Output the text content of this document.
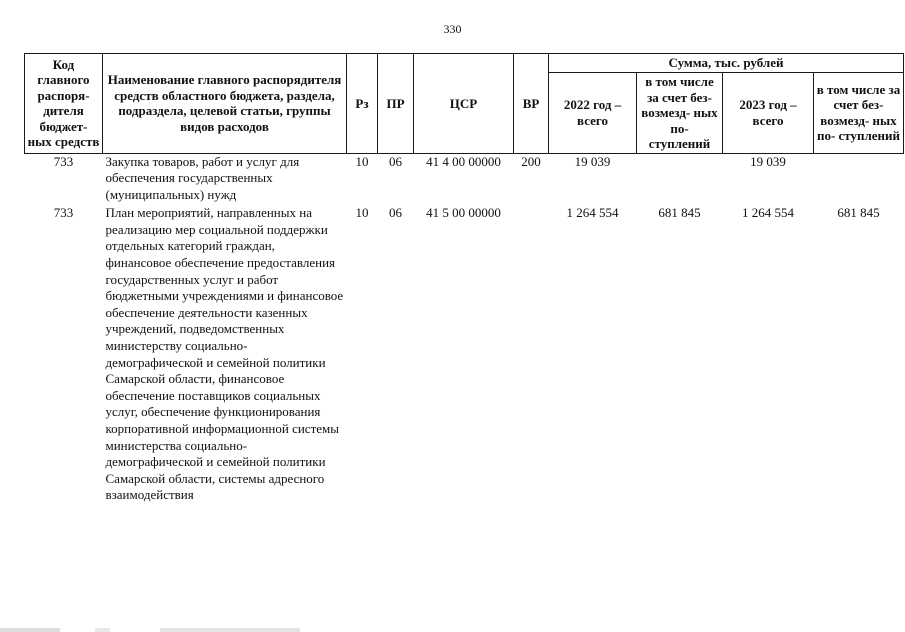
330
Код главного распоря- дителя бюджет- ных средств	Наименование главного распорядителя средств областного бюджета, раздела, подраздела, целевой статьи, группы видов расходов	Рз	ПР	ЦСР	ВР	Сумма, тыс. рублей			
						2022 год – всего	в том числе за счет без- возмезд- ных по- ступлений	2023 год – всего	в том числе за счет без- возмезд- ных по- ступлений
733	Закупка товаров, работ и услуг для обеспечения государственных (муниципальных) нужд	10	06	41 4 00 00000	200	19 039		19 039	
733	План мероприятий, направленных на реализацию мер социальной поддержки отдельных категорий граждан, финансовое обеспечение предоставления государственных услуг и работ бюджетными учреждениями и финансовое обеспечение деятельности казенных учреждений, подведомственных министерству социально-демографической и семейной политики Самарской области, финансовое обеспечение поставщиков социальных услуг, обеспечение функционирования корпоративной информационной системы министерства социально-демографической и семейной политики Самарской области, системы адресного взаимодействия	10	06	41 5 00 00000		1 264 554	681 845	1 264 554	681 845
